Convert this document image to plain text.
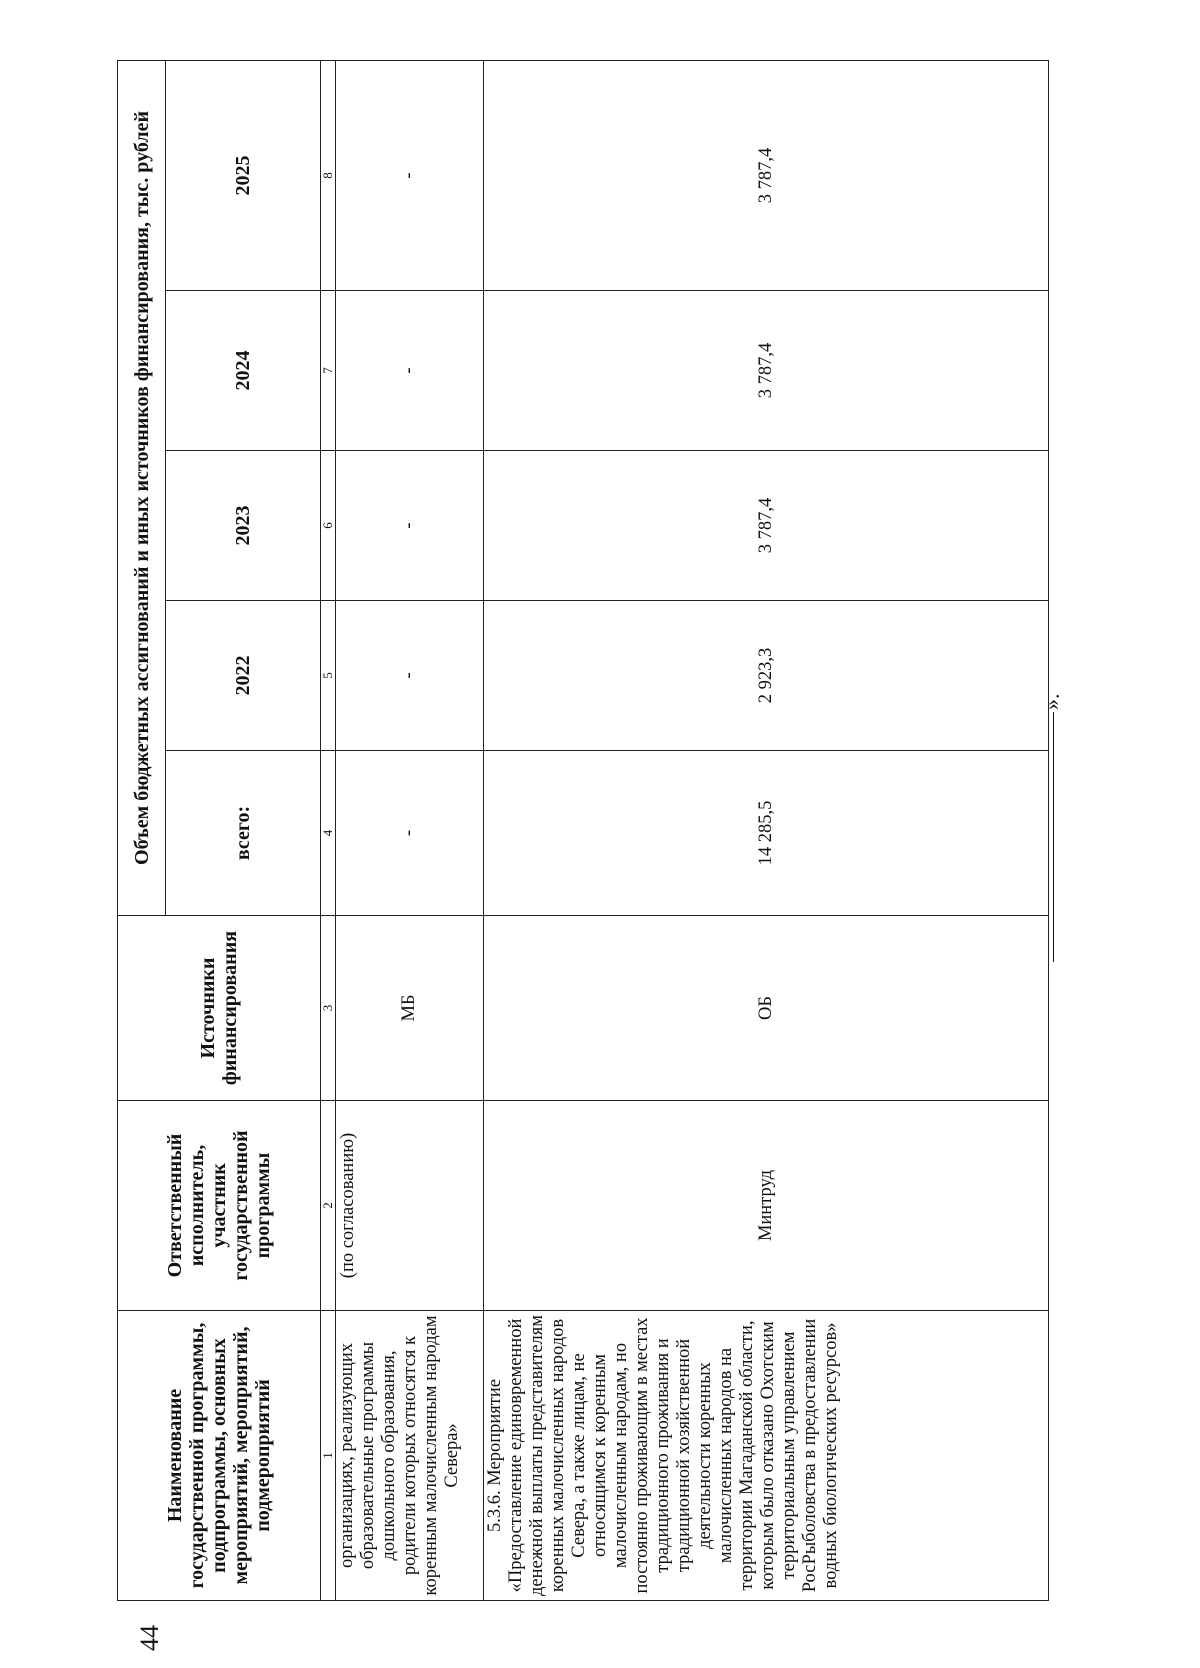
44
Наименование государственной программы, подпрограммы, основных мероприятий, мероприятий, подмероприятий	Ответственный исполнитель, участник государственной программы	Источники финансирования	Объем бюджетных ассигнований и иных источников финансирования, тыс. рублей				
			всего:	2022	2023	2024	2025
1	2	3	4	5	6	7	8
организациях, реализующих образовательные программы дошкольного образования, родители которых относятся к коренным малочисленным народам Севера»	(по согласованию)	МБ	-	-	-	-	-
5.3.6. Мероприятие «Предоставление единовременной денежной выплаты представителям коренных малочисленных народов Севера, а также лицам, не относящимся к коренным малочисленным народам, но постоянно проживающим в местах традиционного проживания и традиционной хозяйственной деятельности коренных малочисленных народов на территории Магаданской области, которым было отказано Охотским территориальным управлением РосРыболовства в предоставлении водных биологических ресурсов»	Минтруд	ОБ	14 285,5	2 923,3	3 787,4	3 787,4	3 787,4
».
